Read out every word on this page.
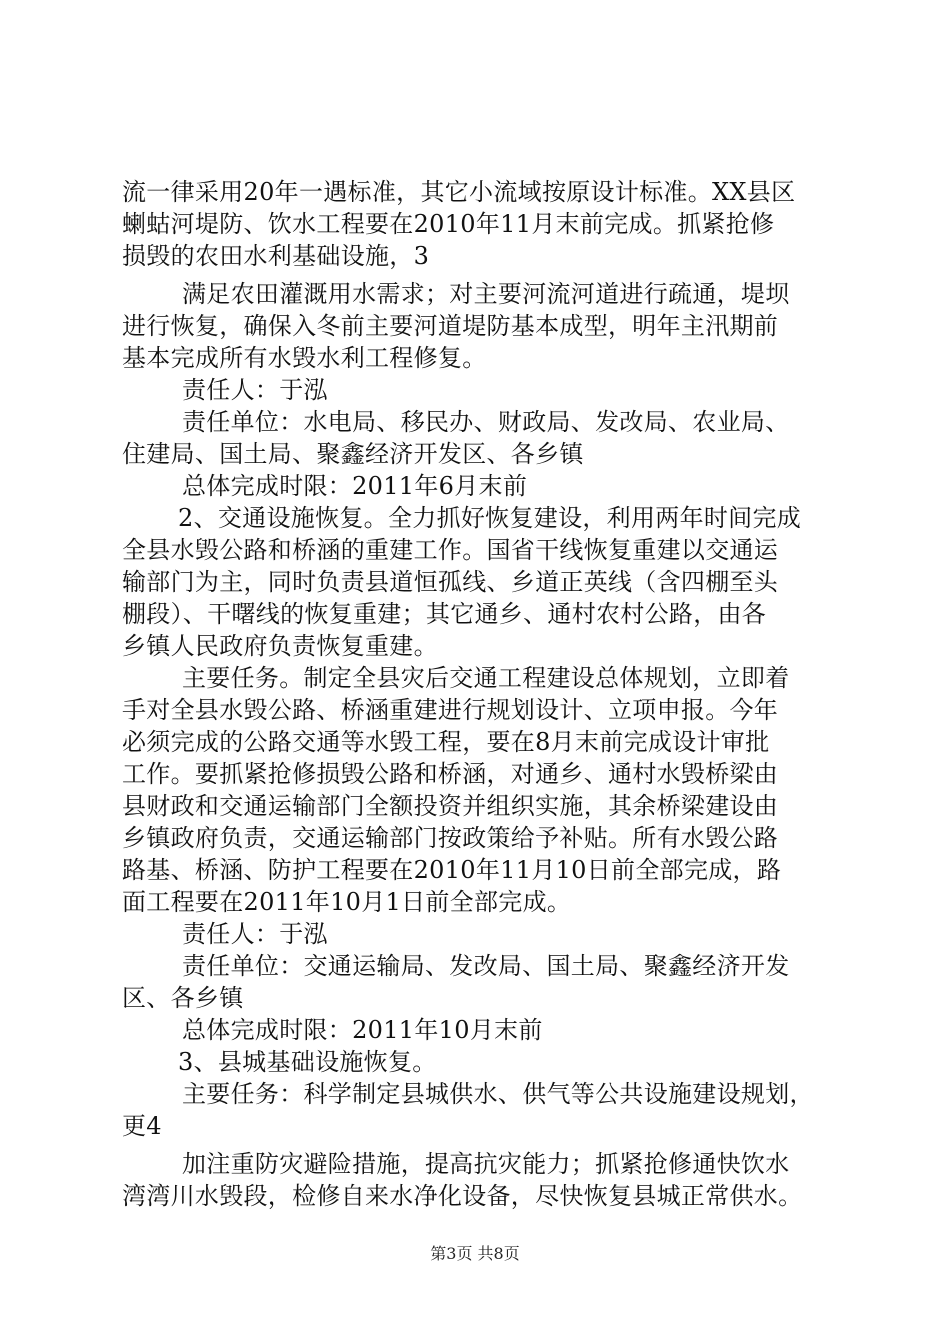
流一律采用20年一遇标准，其它小流域按原设计标准。XX县区
蝲蛄河堤防、饮水工程要在2010年11月末前完成。抓紧抢修
损毁的农田水利基础设施，3
满足农田灌溉用水需求；对主要河流河道进行疏通，堤坝
进行恢复，确保入冬前主要河道堤防基本成型，明年主汛期前
基本完成所有水毁水利工程修复。
责任人：于泓
责任单位：水电局、移民办、财政局、发改局、农业局、
住建局、国土局、聚鑫经济开发区、各乡镇
总体完成时限：2011年6月末前
2、交通设施恢复。全力抓好恢复建设，利用两年时间完成
全县水毁公路和桥涵的重建工作。国省干线恢复重建以交通运
输部门为主，同时负责县道恒孤线、乡道正英线（含四棚至头
棚段）、干曙线的恢复重建；其它通乡、通村农村公路，由各
乡镇人民政府负责恢复重建。
主要任务。制定全县灾后交通工程建设总体规划，立即着
手对全县水毁公路、桥涵重建进行规划设计、立项申报。今年
必须完成的公路交通等水毁工程，要在8月末前完成设计审批
工作。要抓紧抢修损毁公路和桥涵，对通乡、通村水毁桥梁由
县财政和交通运输部门全额投资并组织实施，其余桥梁建设由
乡镇政府负责，交通运输部门按政策给予补贴。所有水毁公路
路基、桥涵、防护工程要在2010年11月10日前全部完成，路
面工程要在2011年10月1日前全部完成。
责任人：于泓
责任单位：交通运输局、发改局、国土局、聚鑫经济开发
区、各乡镇
总体完成时限：2011年10月末前
3、县城基础设施恢复。
主要任务：科学制定县城供水、供气等公共设施建设规划，
更4
加注重防灾避险措施，提高抗灾能力；抓紧抢修通快饮水
湾湾川水毁段，检修自来水净化设备，尽快恢复县城正常供水。
第3页 共8页
